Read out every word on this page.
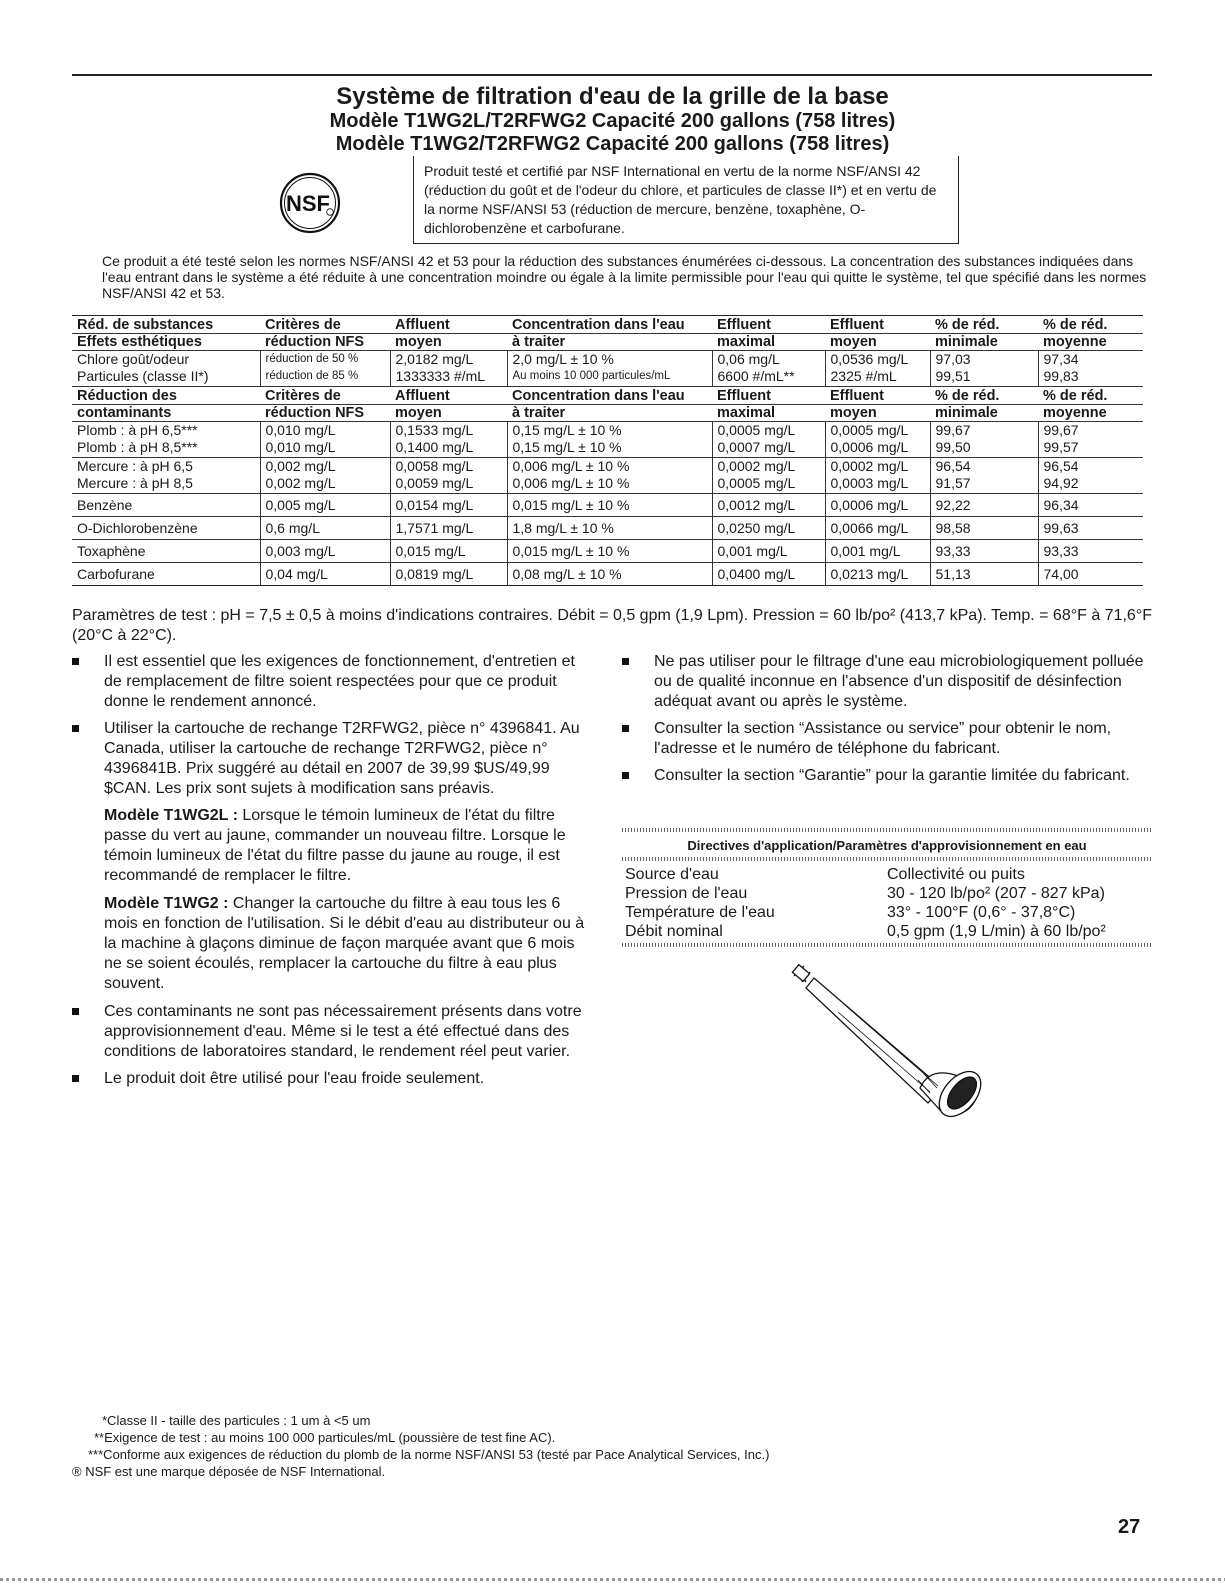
Système de filtration d'eau de la grille de la base
Modèle T1WG2L/T2RFWG2 Capacité 200 gallons (758 litres)
Modèle T1WG2/T2RFWG2 Capacité 200 gallons (758 litres)
NSF
Produit testé et certifié par NSF International en vertu de la norme NSF/ANSI 42 (réduction du goût et de l'odeur du chlore, et particules de classe II*) et en vertu de la norme NSF/ANSI 53 (réduction de mercure, benzène, toxaphène, O-dichlorobenzène et carbofurane.
Ce produit a été testé selon les normes NSF/ANSI 42 et 53 pour la réduction des substances énumérées ci-dessous. La concentration des substances indiquées dans l'eau entrant dans le système a été réduite à une concentration moindre ou égale à la limite permissible pour l'eau qui quitte le système, tel que spécifié dans les normes NSF/ANSI 42 et 53.
Réd. de substances	Critères de	Affluent	Concentration dans l'eau	Effluent	Effluent	% de réd.	% de réd.
Effets esthétiques	réduction NFS	moyen	à traiter	maximal	moyen	minimale	moyenne
Chlore goût/odeur	réduction de 50 %	2,0182 mg/L	2,0 mg/L ± 10 %	0,06 mg/L	0,0536 mg/L	97,03	97,34
Particules (classe II*)	réduction de 85 %	1333333 #/mL	Au moins 10 000 particules/mL	6600 #/mL**	2325 #/mL	99,51	99,83
Réduction des	Critères de	Affluent	Concentration dans l'eau	Effluent	Effluent	% de réd.	% de réd.
contaminants	réduction NFS	moyen	à traiter	maximal	moyen	minimale	moyenne
Plomb : à pH 6,5***	0,010 mg/L	0,1533 mg/L	0,15 mg/L ± 10 %	0,0005 mg/L	0,0005 mg/L	99,67	99,67
Plomb : à pH 8,5***	0,010 mg/L	0,1400 mg/L	0,15 mg/L ± 10 %	0,0007 mg/L	0,0006 mg/L	99,50	99,57
Mercure : à pH 6,5	0,002 mg/L	0,0058 mg/L	0,006 mg/L ± 10 %	0,0002 mg/L	0,0002 mg/L	96,54	96,54
Mercure : à pH 8,5	0,002 mg/L	0,0059 mg/L	0,006 mg/L ± 10 %	0,0005 mg/L	0,0003 mg/L	91,57	94,92
Benzène	0,005 mg/L	0,0154 mg/L	0,015 mg/L ± 10 %	0,0012 mg/L	0,0006 mg/L	92,22	96,34
O-Dichlorobenzène	0,6 mg/L	1,7571 mg/L	1,8 mg/L ± 10 %	0,0250 mg/L	0,0066 mg/L	98,58	99,63
Toxaphène	0,003 mg/L	0,015 mg/L	0,015 mg/L ± 10 %	0,001 mg/L	0,001 mg/L	93,33	93,33
Carbofurane	0,04 mg/L	0,0819 mg/L	0,08 mg/L ± 10 %	0,0400 mg/L	0,0213 mg/L	51,13	74,00
Paramètres de test : pH = 7,5 ± 0,5 à moins d'indications contraires. Débit = 0,5 gpm (1,9 Lpm). Pression = 60 lb/po² (413,7 kPa). Temp. = 68°F à 71,6°F (20°C à 22°C).
Il est essentiel que les exigences de fonctionnement, d'entretien et de remplacement de filtre soient respectées pour que ce produit donne le rendement annoncé.
Utiliser la cartouche de rechange T2RFWG2, pièce n° 4396841. Au Canada, utiliser la cartouche de rechange T2RFWG2, pièce n° 4396841B. Prix suggéré au détail en 2007 de 39,99 $US/49,99 $CAN. Les prix sont sujets à modification sans préavis.
Modèle T1WG2L : Lorsque le témoin lumineux de l'état du filtre passe du vert au jaune, commander un nouveau filtre. Lorsque le témoin lumineux de l'état du filtre passe du jaune au rouge, il est recommandé de remplacer le filtre.
Modèle T1WG2 : Changer la cartouche du filtre à eau tous les 6 mois en fonction de l'utilisation. Si le débit d'eau au distributeur ou à la machine à glaçons diminue de façon marquée avant que 6 mois ne se soient écoulés, remplacer la cartouche du filtre à eau plus souvent.
Ces contaminants ne sont pas nécessairement présents dans votre approvisionnement d'eau. Même si le test a été effectué dans des conditions de laboratoires standard, le rendement réel peut varier.
Le produit doit être utilisé pour l'eau froide seulement.
Ne pas utiliser pour le filtrage d'une eau microbiologiquement polluée ou de qualité inconnue en l'absence d'un dispositif de désinfection adéquat avant ou après le système.
Consulter la section “Assistance ou service” pour obtenir le nom, l'adresse et le numéro de téléphone du fabricant.
Consulter la section “Garantie” pour la garantie limitée du fabricant.
Directives d'application/Paramètres d'approvisionnement en eau
Source d'eau	Collectivité ou puits
Pression de l'eau	30 - 120 lb/po² (207 - 827 kPa)
Température de l'eau	33° - 100°F (0,6° - 37,8°C)
Débit nominal	0,5 gpm (1,9 L/min) à 60 lb/po²
*Classe II - taille des particules : 1 um à <5 um
**Exigence de test : au moins 100 000 particules/mL (poussière de test fine AC).
***Conforme aux exigences de réduction du plomb de la norme NSF/ANSI 53 (testé par Pace Analytical Services, Inc.)
® NSF est une marque déposée de NSF International.
27
